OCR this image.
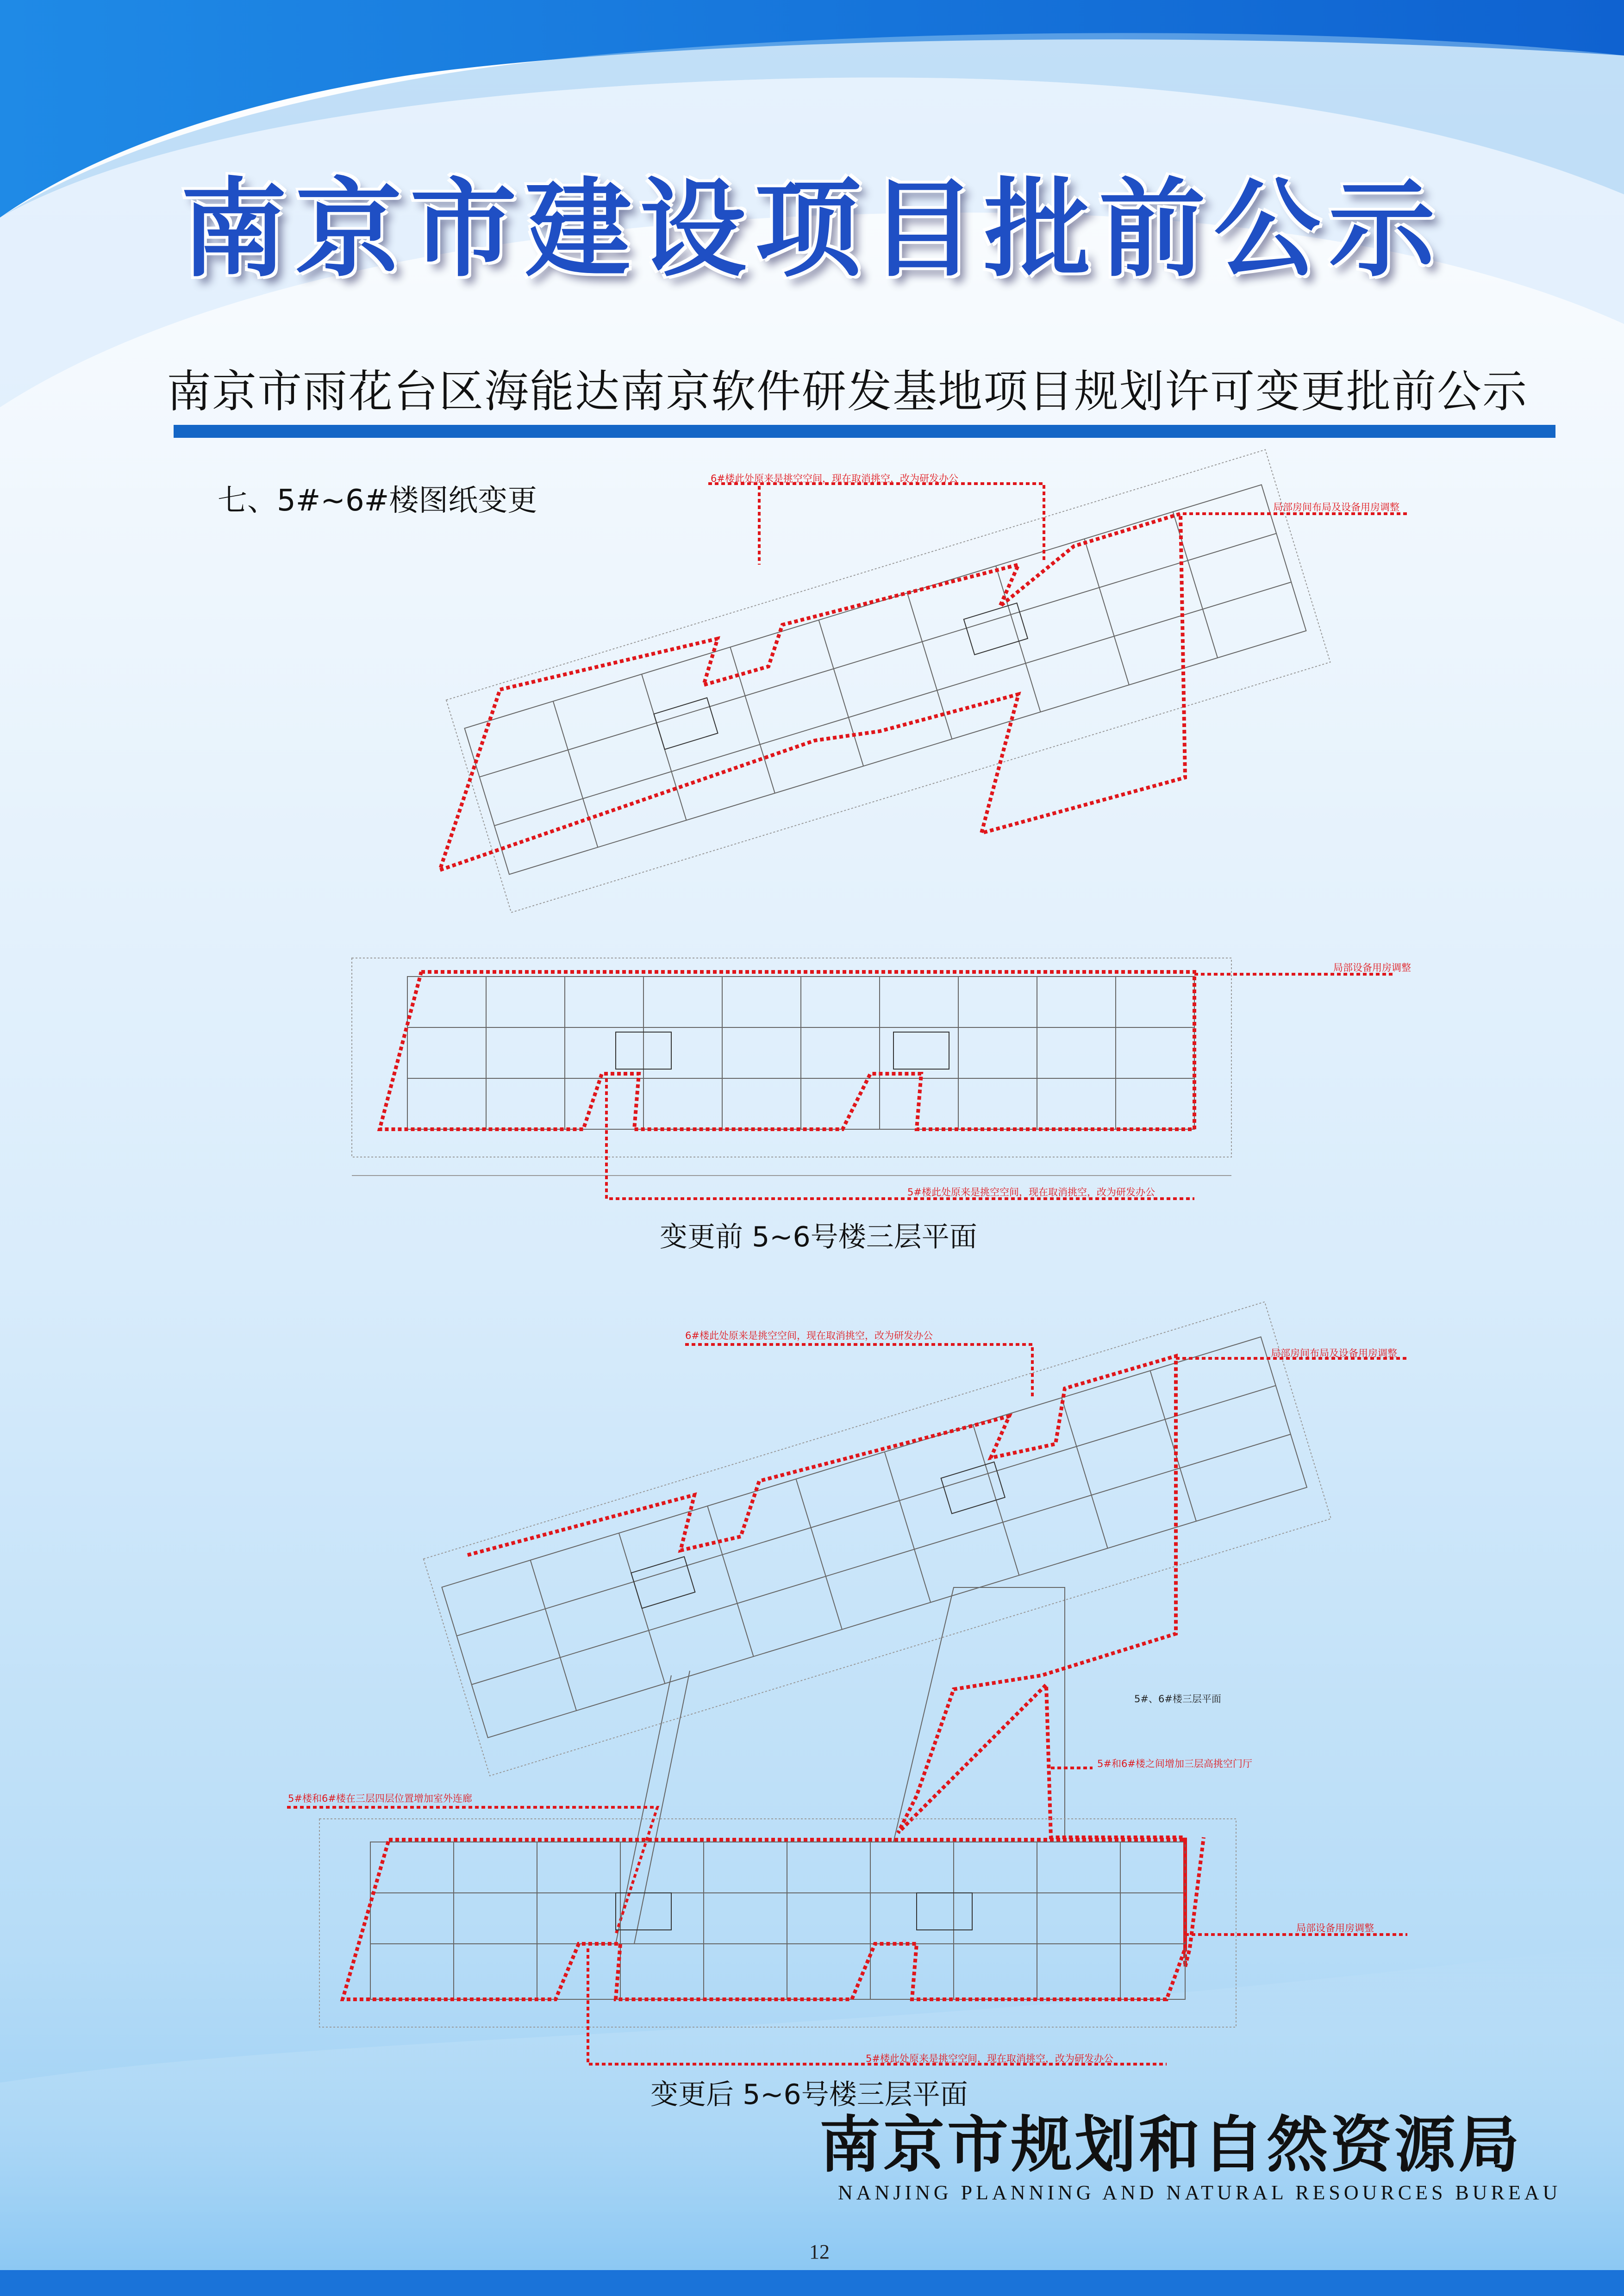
南京市建设项目批前公示
南京市雨花台区海能达南京软件研发基地项目规划许可变更批前公示
七、5#~6#楼图纸变更
6#楼此处原来是挑空空间，现在取消挑空，改为研发办公
局部房间布局及设备用房调整
局部设备用房调整
5#楼此处原来是挑空空间，现在取消挑空，改为研发办公
变更前 5~6号楼三层平面
6#楼此处原来是挑空空间，现在取消挑空，改为研发办公
局部房间布局及设备用房调整
5#、6#楼三层平面
5#和6#楼之间增加三层高挑空门厅
5#楼和6#楼在三层四层位置增加室外连廊
局部设备用房调整
5#楼此处原来是挑空空间，现在取消挑空，改为研发办公
变更后 5~6号楼三层平面
南京市规划和自然资源局
NANJING PLANNING AND NATURAL RESOURCES BUREAU
12
